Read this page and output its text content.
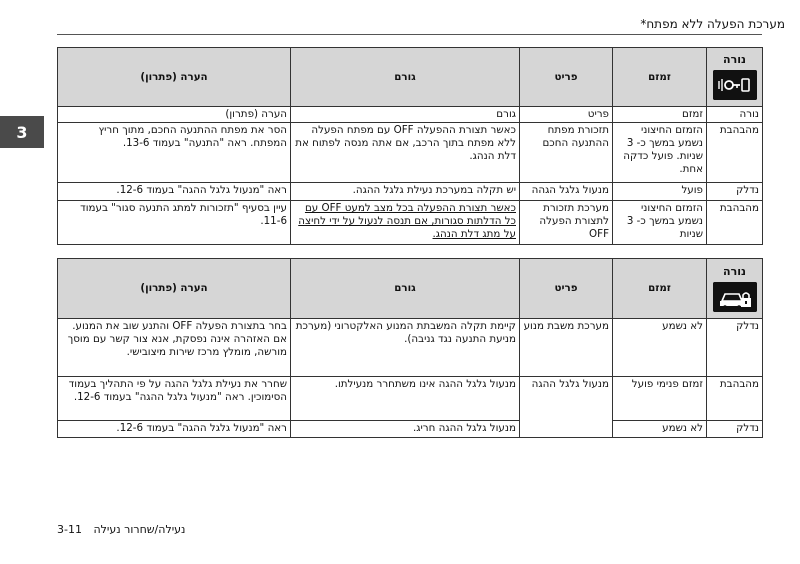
מערכת הפעלה ללא מפתח*
3
נורה	זמזם	פריט	גורם	הערה (פתרון)
נורה	זמזם	פריט	גורם	הערה (פתרון)
מהבהבת	הזמזם החיצוני נשמע במשך כ- 3 שניות. פועל כדקה אחת.	תזכורת מפתח ההתנעה החכם	כאשר תצורת ההפעלה OFF עם מפתח הפעלה ללא מפתח בתוך הרכב, אם אתה מנסה לפתוח את דלת הנהג.	הסר את מפתח ההתנעה החכם, מתוך חריץ המפתח. ראה "התנעה" בעמוד 13-6.
נדלק	פועל	מנעול גלגל הגהה	יש תקלה במערכת נעילת גלגל ההגה.	ראה "מנעול גלגל ההגה" בעמוד 12-6.
מהבהבת	הזמזם החיצוני נשמע במשך כ- 3 שניות	מערכת תזכורת לתצורת הפעלה OFF	כאשר תצורת ההפעלה בכל מצב למעט OFF עם כל הדלתות סגורות, אם תנסה לנעול על ידי לחיצה על מתג דלת הנהג.	עיין בסעיף "תזכורות למתג התנעה סגור" בעמוד 11-6.
נורה	זמזם	פריט	גורם	הערה (פתרון)
נדלק	לא נשמע	מערכת משבת מנוע	קיימת תקלה המשבתת המנוע האלקטרוני (מערכת מניעת התנעה נגד גניבה).	בחר בתצורת הפעלה OFF והתנע שוב את המנוע. אם האזהרה אינה נפסקת, אנא צור קשר עם מוסך מורשה, מומלץ מרכז שירות מיצובישי.
מהבהבת	זמזם פנימי פועל	מנעול גלגל ההגה	מנעול גלגל ההגה אינו משתחרר מנעילתו.	שחרר את נעילת גלגל ההגה על פי התהליך בעמוד הסימוכין. ראה "מנעול גלגל ההגה" בעמוד 12-6.
נדלק	לא נשמע		מנעול גלגל ההגה חריג.	ראה "מנעול גלגל ההגה" בעמוד 12-6.
3-11 נעילה/שחרור נעילה
